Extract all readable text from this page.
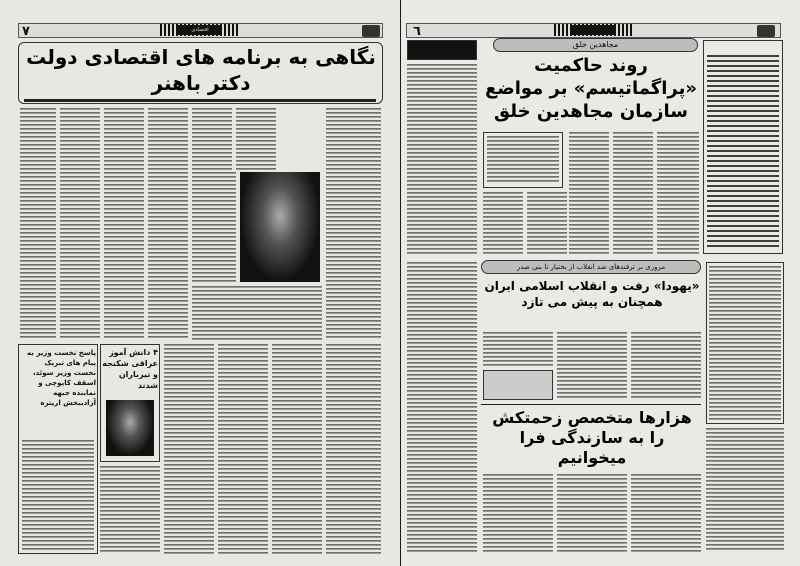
٧	اقتصادی
نگاهی به برنامه های اقتصادی دولت دکتر باهنر
پاسخ نخست وزیر به پیام های تبریک نخست وزیر سوئد، اسقف کاپوچی و نماینده جبهه آزادیبخش اریتره
۴ دانش آموز عراقی شکنجه و تیرباران شدند
٦
مجاهدین خلق
روند حاکمیت «پراگماتیسم» بر مواضع سازمان مجاهدین خلق
مروری بر ترفندهای ضد انقلاب از بختیار تا بنی صدر
«یهودا» رفت و انقلاب اسلامی ایران همچنان به پیش می تازد
هزارها متخصص زحمتکش را به سازندگی فرا میخوانیم
